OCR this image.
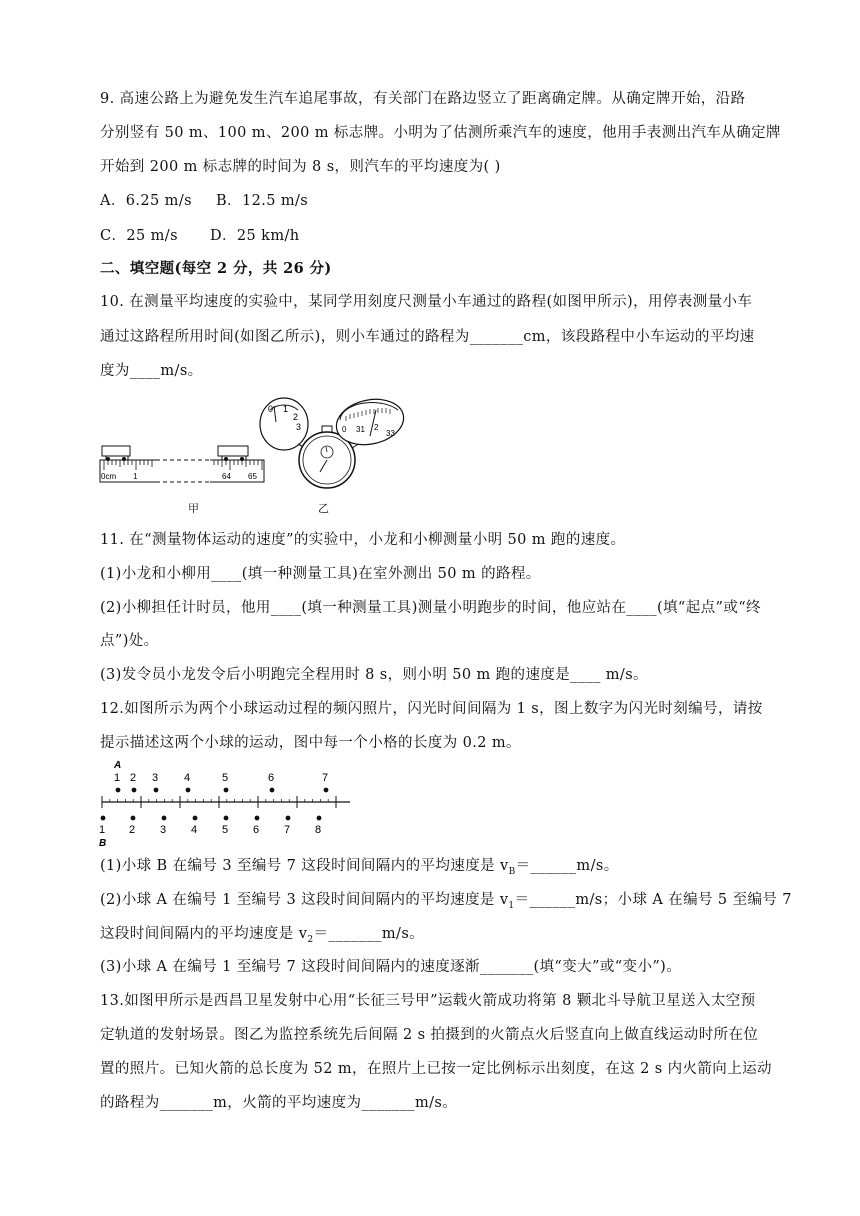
9. 高速公路上为避免发生汽车追尾事故，有关部门在路边竖立了距离确定牌。从确定牌开始，沿路
分别竖有 50 m、100 m、200 m 标志牌。小明为了估测所乘汽车的速度，他用手表测出汽车从确定牌
开始到 200 m 标志牌的时间为 8 s，则汽车的平均速度为( )
A．6.25 m/s B．12.5 m/s
C．25 m/s D．25 km/h
二、填空题(每空 2 分，共 26 分)
10. 在测量平均速度的实验中，某同学用刻度尺测量小车通过的路程(如图甲所示)，用停表测量小车
通过这路程所用时间(如图乙所示)，则小车通过的路程为_______cm，该段路程中小车运动的平均速
度为____m/s。
0cm 1	64 65
甲
0 1
2
3	0 31 2
33
乙
11. 在“测量物体运动的速度”的实验中，小龙和小柳测量小明 50 m 跑的速度。
(1)小龙和小柳用____(填一种测量工具)在室外测出 50 m 的路程。
(2)小柳担任计时员，他用____(填一种测量工具)测量小明跑步的时间，他应站在____(填“起点”或“终
点”)处。
(3)发令员小龙发令后小明跑完全程用时 8 s，则小明 50 m 跑的速度是____ m/s。
12.如图所示为两个小球运动过程的频闪照片，闪光时间间隔为 1 s，图上数字为闪光时刻编号，请按
提示描述这两个小球的运动，图中每一个小格的长度为 0.2 m。
A
B
1 2 3 4	5	6	7
1 2 3 4 5 6 7 8
(1)小球 B 在编号 3 至编号 7 这段时间间隔内的平均速度是 $v_B=\_\_\_\_\_\_m/s$。
(2)小球 A 在编号 1 至编号 3 这段时间间隔内的平均速度是 $v_1=\_\_\_\_\_\_m/s$；小球 A 在编号 5 至编号 7
这段时间间隔内的平均速度是 $v_2=\_\_\_\_\_\_\_m/s$。
(3)小球 A 在编号 1 至编号 7 这段时间间隔内的速度逐渐_______(填“变大”或“变小”)。
13.如图甲所示是西昌卫星发射中心用“长征三号甲”运载火箭成功将第 8 颗北斗导航卫星送入太空预
定轨道的发射场景。图乙为监控系统先后间隔 2 s 拍摄到的火箭点火后竖直向上做直线运动时所在位
置的照片。已知火箭的总长度为 52 m，在照片上已按一定比例标示出刻度，在这 2 s 内火箭向上运动
的路程为_______m，火箭的平均速度为_______m/s。
